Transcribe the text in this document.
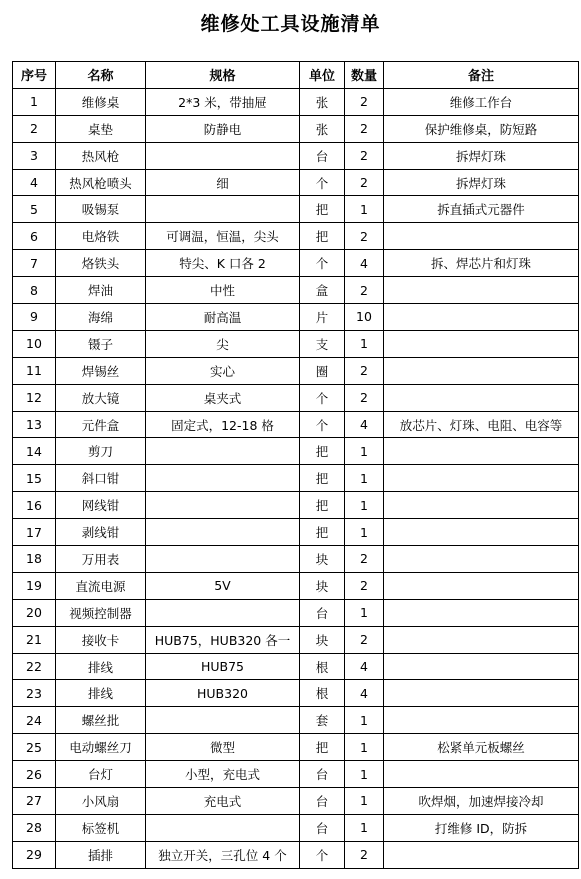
维修处工具设施清单
序号	名称	规格	单位	数量	备注
1	维修桌	2*3 米，带抽屉	张	2	维修工作台
2	桌垫	防静电	张	2	保护维修桌，防短路
3	热风枪		台	2	拆焊灯珠
4	热风枪喷头	细	个	2	拆焊灯珠
5	吸锡泵		把	1	拆直插式元器件
6	电烙铁	可调温，恒温，尖头	把	2	
7	烙铁头	特尖、K 口各 2	个	4	拆、焊芯片和灯珠
8	焊油	中性	盒	2	
9	海绵	耐高温	片	10	
10	镊子	尖	支	1	
11	焊锡丝	实心	圈	2	
12	放大镜	桌夹式	个	2	
13	元件盒	固定式，12-18 格	个	4	放芯片、灯珠、电阻、电容等
14	剪刀		把	1	
15	斜口钳		把	1	
16	网线钳		把	1	
17	剥线钳		把	1	
18	万用表		块	2	
19	直流电源	5V	块	2	
20	视频控制器		台	1	
21	接收卡	HUB75，HUB320 各一	块	2	
22	排线	HUB75	根	4	
23	排线	HUB320	根	4	
24	螺丝批		套	1	
25	电动螺丝刀	微型	把	1	松紧单元板螺丝
26	台灯	小型，充电式	台	1	
27	小风扇	充电式	台	1	吹焊烟，加速焊接冷却
28	标签机		台	1	打维修 ID，防拆
29	插排	独立开关，三孔位 4 个	个	2	
